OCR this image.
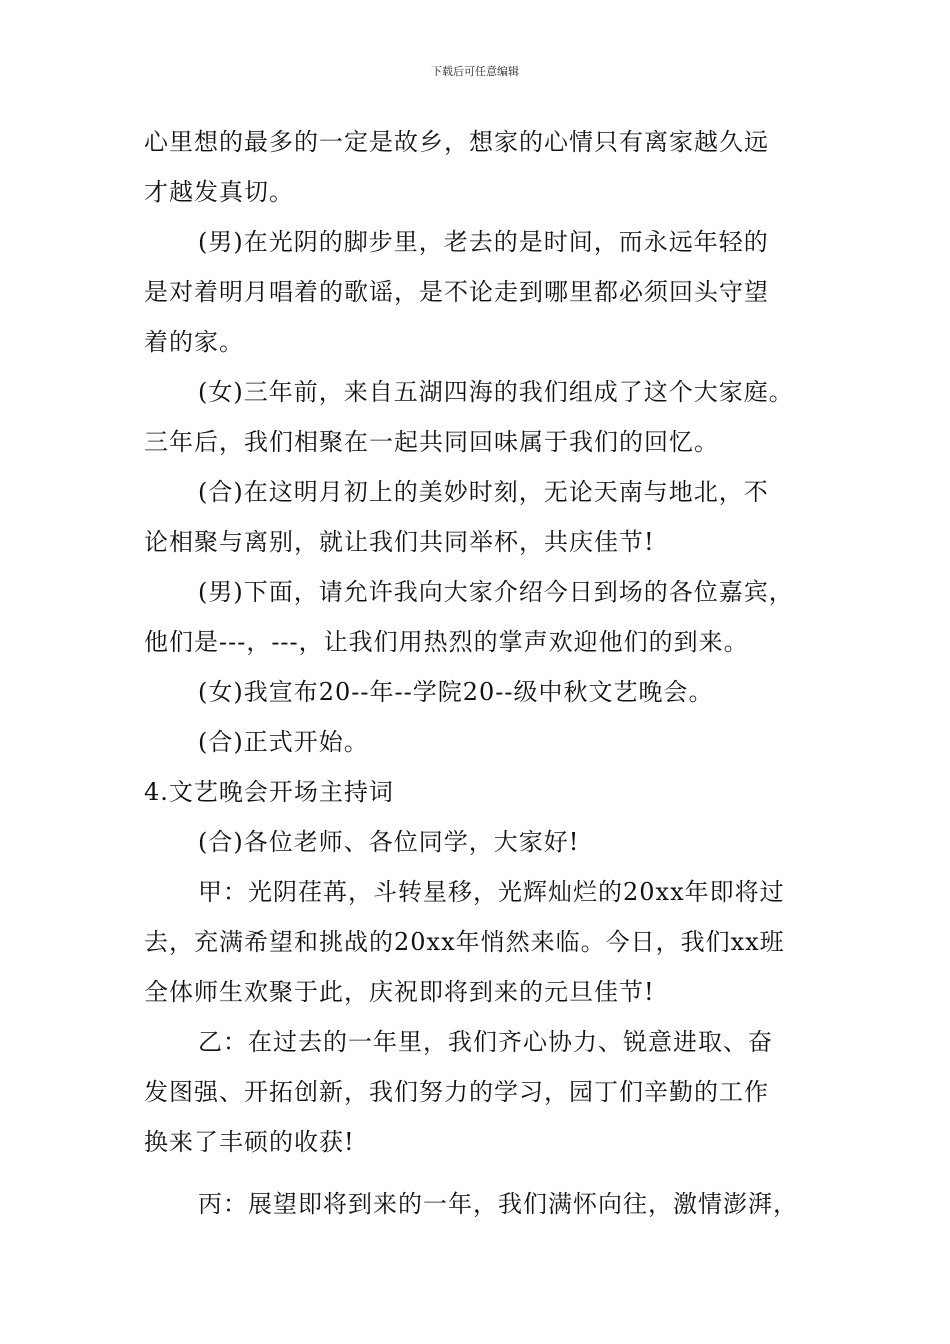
下载后可任意编辑
心里想的最多的一定是故乡，想家的心情只有离家越久远
才越发真切。
(男)在光阴的脚步里，老去的是时间，而永远年轻的
是对着明月唱着的歌谣，是不论走到哪里都必须回头守望
着的家。
(女)三年前，来自五湖四海的我们组成了这个大家庭。
三年后，我们相聚在一起共同回味属于我们的回忆。
(合)在这明月初上的美妙时刻，无论天南与地北，不
论相聚与离别，就让我们共同举杯，共庆佳节!
(男)下面，请允许我向大家介绍今日到场的各位嘉宾，
他们是---，---，让我们用热烈的掌声欢迎他们的到来。
(女)我宣布20--年--学院20--级中秋文艺晚会。
(合)正式开始。
4.文艺晚会开场主持词
(合)各位老师、各位同学，大家好!
甲：光阴荏苒，斗转星移，光辉灿烂的20xx年即将过
去，充满希望和挑战的20xx年悄然来临。今日，我们xx班
全体师生欢聚于此，庆祝即将到来的元旦佳节!
乙：在过去的一年里，我们齐心协力、锐意进取、奋
发图强、开拓创新，我们努力的学习，园丁们辛勤的工作
换来了丰硕的收获!
丙：展望即将到来的一年，我们满怀向往，激情澎湃，
